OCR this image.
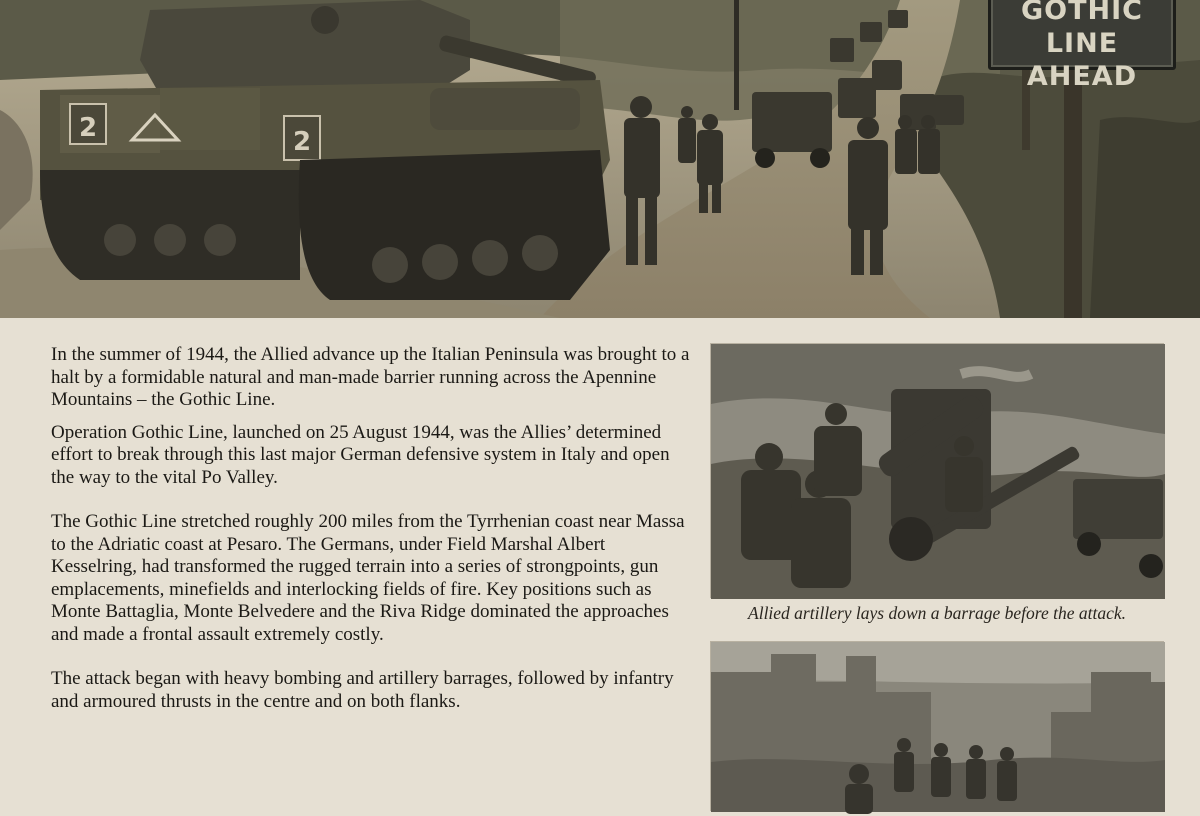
2	2
GOTHIC LINE
AHEAD

In the summer of 1944, the Allied advance up the Italian Peninsula was brought to a halt by a formidable natural and man-made barrier running across the Apennine Mountains – the Gothic Line.

Operation Gothic Line, launched on 25 August 1944, was the Allies’ determined effort to break through this last major German defensive system in Italy and open the way to the vital Po Valley.

The Gothic Line stretched roughly 200 miles from the Tyrrhenian coast near Massa to the Adriatic coast at Pesaro. The Germans, under Field Marshal Albert Kesselring, had transformed the rugged terrain into a series of strongpoints, gun emplacements, minefields and interlocking fields of fire. Key positions such as Monte Battaglia, Monte Belvedere and the Riva Ridge dominated the approaches and made a frontal assault extremely costly.

The attack began with heavy bombing and artillery barrages, followed by infantry and armoured thrusts in the centre and on both flanks.

Allied artillery lays down a barrage before the attack.
